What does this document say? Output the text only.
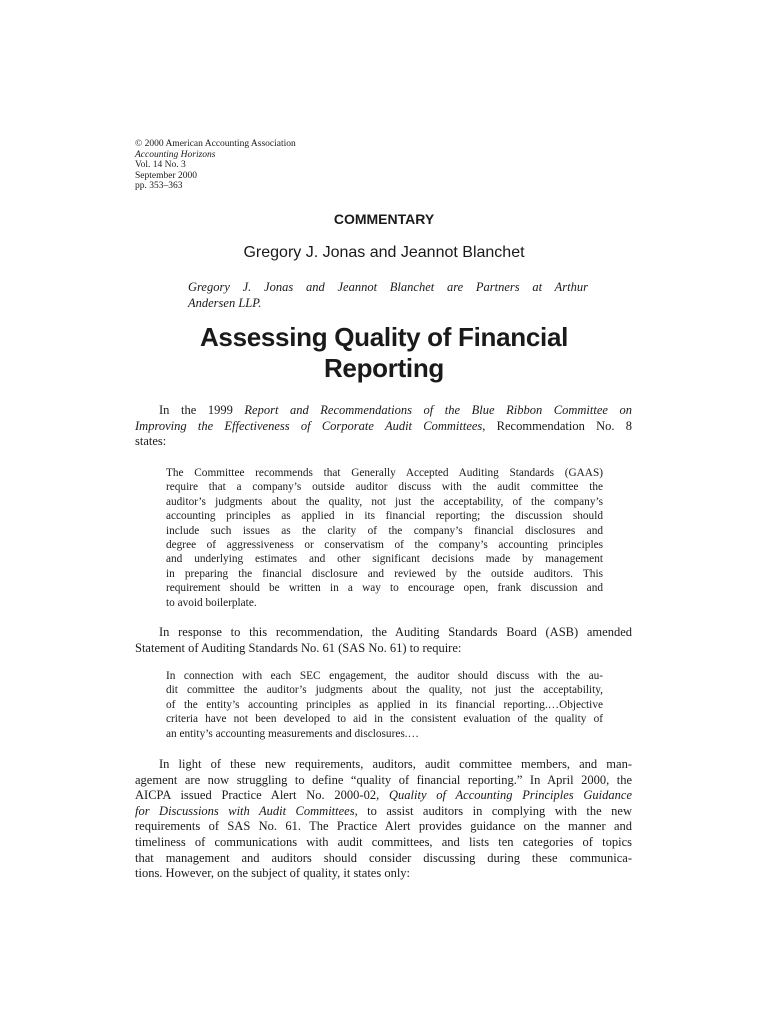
© 2000 American Accounting Association
Accounting Horizons
Vol. 14 No. 3
September 2000
pp. 353–363
COMMENTARY
Gregory J. Jonas and Jeannot Blanchet
Gregory J. Jonas and Jeannot Blanchet are Partners at Arthur
Andersen LLP.
Assessing Quality of Financial
Reporting
In the 1999 Report and Recommendations of the Blue Ribbon Committee on
Improving the Effectiveness of Corporate Audit Committees, Recommendation No. 8
states:
The Committee recommends that Generally Accepted Auditing Standards (GAAS)
require that a company’s outside auditor discuss with the audit committee the
auditor’s judgments about the quality, not just the acceptability, of the company’s
accounting principles as applied in its financial reporting; the discussion should
include such issues as the clarity of the company’s financial disclosures and
degree of aggressiveness or conservatism of the company’s accounting principles
and underlying estimates and other significant decisions made by management
in preparing the financial disclosure and reviewed by the outside auditors. This
requirement should be written in a way to encourage open, frank discussion and
to avoid boilerplate.
In response to this recommendation, the Auditing Standards Board (ASB) amended
Statement of Auditing Standards No. 61 (SAS No. 61) to require:
In connection with each SEC engagement, the auditor should discuss with the au-
dit committee the auditor’s judgments about the quality, not just the acceptability,
of the entity’s accounting principles as applied in its financial reporting.…Objective
criteria have not been developed to aid in the consistent evaluation of the quality of
an entity’s accounting measurements and disclosures.…
In light of these new requirements, auditors, audit committee members, and man-
agement are now struggling to define “quality of financial reporting.” In April 2000, the
AICPA issued Practice Alert No. 2000-02, Quality of Accounting Principles Guidance
for Discussions with Audit Committees, to assist auditors in complying with the new
requirements of SAS No. 61. The Practice Alert provides guidance on the manner and
timeliness of communications with audit committees, and lists ten categories of topics
that management and auditors should consider discussing during these communica-
tions. However, on the subject of quality, it states only:
